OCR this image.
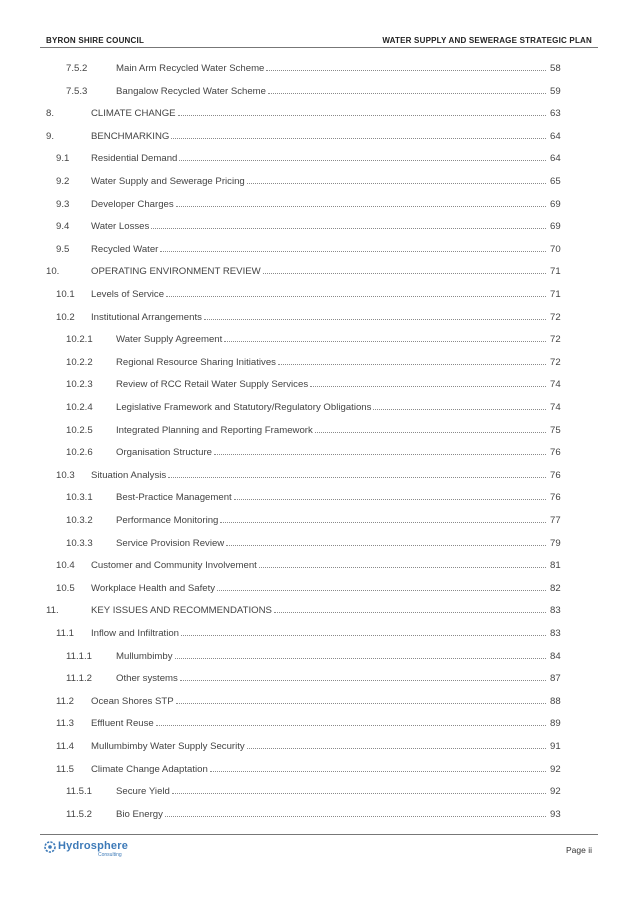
BYRON SHIRE COUNCIL	WATER SUPPLY AND SEWERAGE STRATEGIC PLAN
7.5.2	Main Arm Recycled Water Scheme	58
7.5.3	Bangalow Recycled Water Scheme	59
8.	CLIMATE CHANGE	63
9.	BENCHMARKING	64
9.1 Residential Demand	64
9.2 Water Supply and Sewerage Pricing	65
9.3 Developer Charges	69
9.4 Water Losses	69
9.5 Recycled Water	70
10.	OPERATING ENVIRONMENT REVIEW	71
10.1 Levels of Service	71
10.2 Institutional Arrangements	72
10.2.1 Water Supply Agreement	72
10.2.2 Regional Resource Sharing Initiatives	72
10.2.3 Review of RCC Retail Water Supply Services	74
10.2.4 Legislative Framework and Statutory/Regulatory Obligations	74
10.2.5 Integrated Planning and Reporting Framework	75
10.2.6 Organisation Structure	76
10.3 Situation Analysis	76
10.3.1 Best-Practice Management	76
10.3.2 Performance Monitoring	77
10.3.3 Service Provision Review	79
10.4 Customer and Community Involvement	81
10.5 Workplace Health and Safety	82
11.	KEY ISSUES AND RECOMMENDATIONS	83
11.1 Inflow and Infiltration	83
11.1.1	Mullumbimby	84
11.1.2	Other systems	87
11.2 Ocean Shores STP	88
11.3 Effluent Reuse	89
11.4 Mullumbimby Water Supply Security	91
11.5 Climate Change Adaptation	92
11.5.1	Secure Yield	92
11.5.2	Bio Energy	93
Hydrosphere
Consulting	Page ii
